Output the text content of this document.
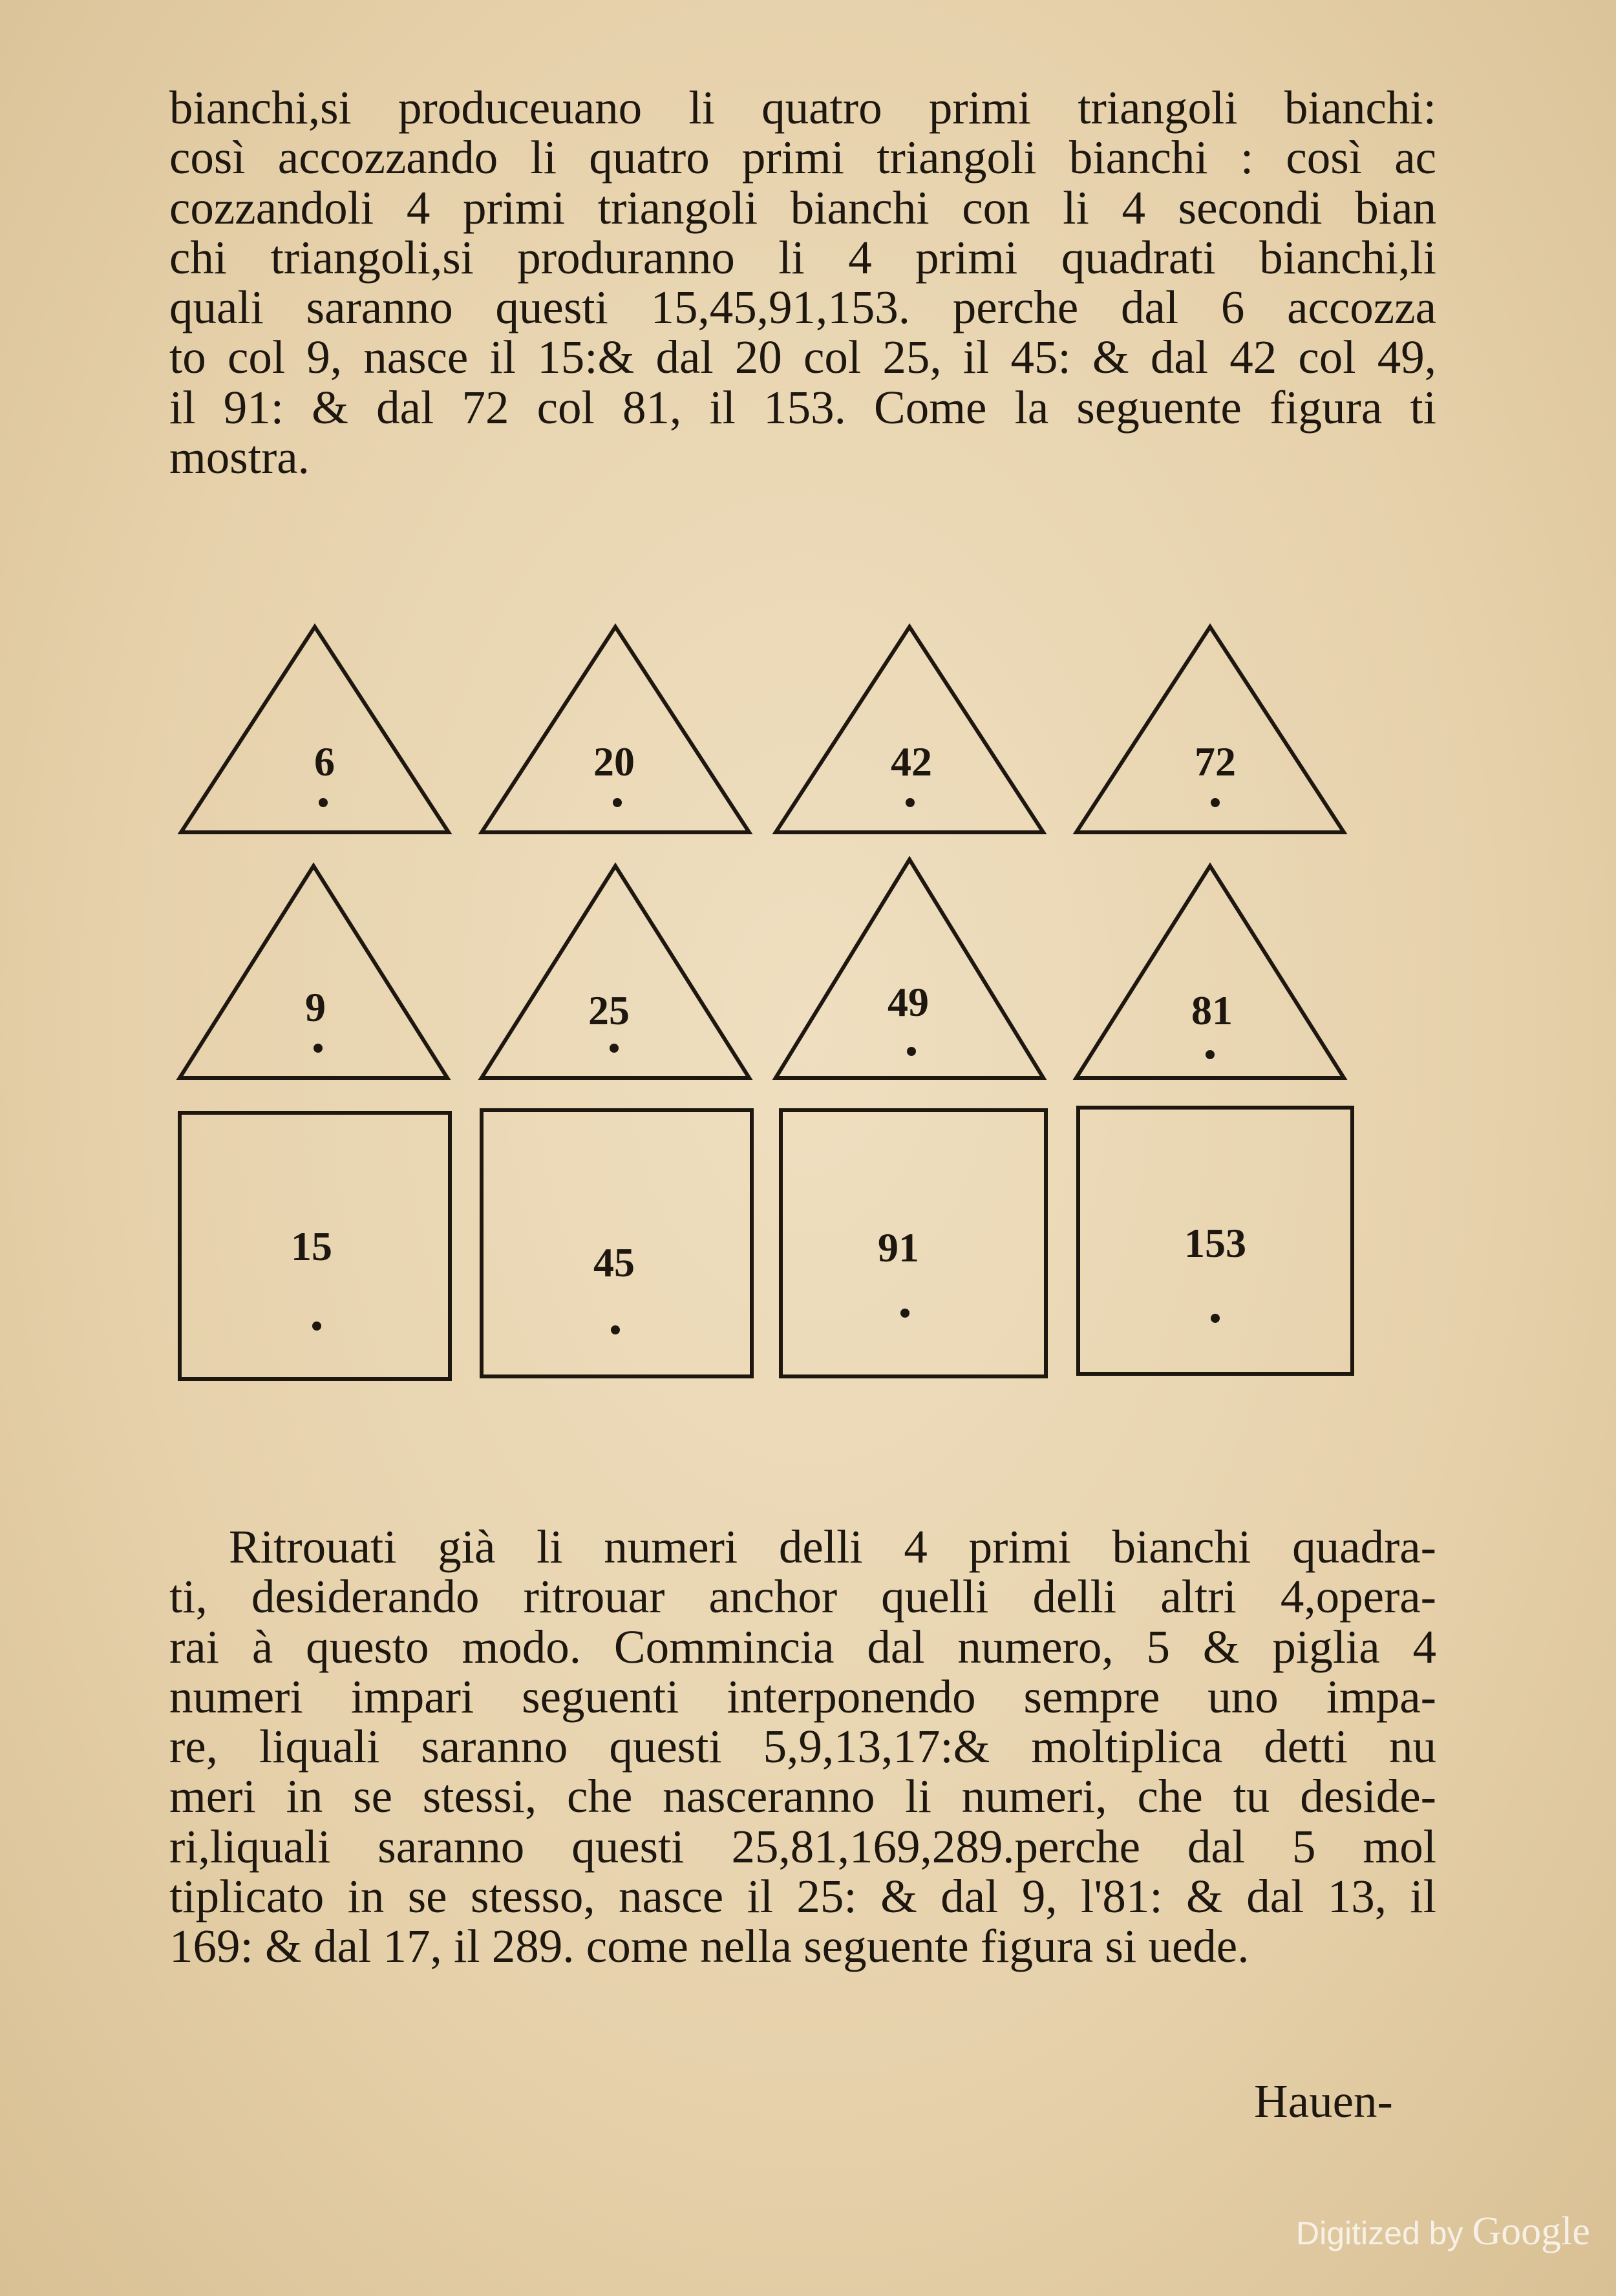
bianchi,si produceuano li quatro primi triangoli bianchi:
così accozzando li quatro primi triangoli bianchi : così ac
cozzandoli 4 primi triangoli bianchi con li 4 secondi bian
chi triangoli,si produranno li 4 primi quadrati bianchi,li
quali saranno questi 15,45,91,153. perche dal 6 accozza
to col 9, nasce il 15:& dal 20 col 25, il 45: & dal 42 col 49,
il 91: & dal 72 col 81, il 153. Come la seguente figura ti
mostra.
6	20	42	72
9	25	49	81
15	45	91	153
Ritrouati già li numeri delli 4 primi bianchi quadra-
ti, desiderando ritrouar anchor quelli delli altri 4,opera-
rai à questo modo. Commincia dal numero, 5 & piglia 4
numeri impari seguenti interponendo sempre uno impa-
re, liquali saranno questi 5,9,13,17:& moltiplica detti nu
meri in se stessi, che nasceranno li numeri, che tu deside-
ri,liquali saranno questi 25,81,169,289.perche dal 5 mol
tiplicato in se stesso, nasce il 25: & dal 9, l'81: & dal 13, il
169: & dal 17, il 289. come nella seguente figura si uede.
Hauen-
Digitized by Google
